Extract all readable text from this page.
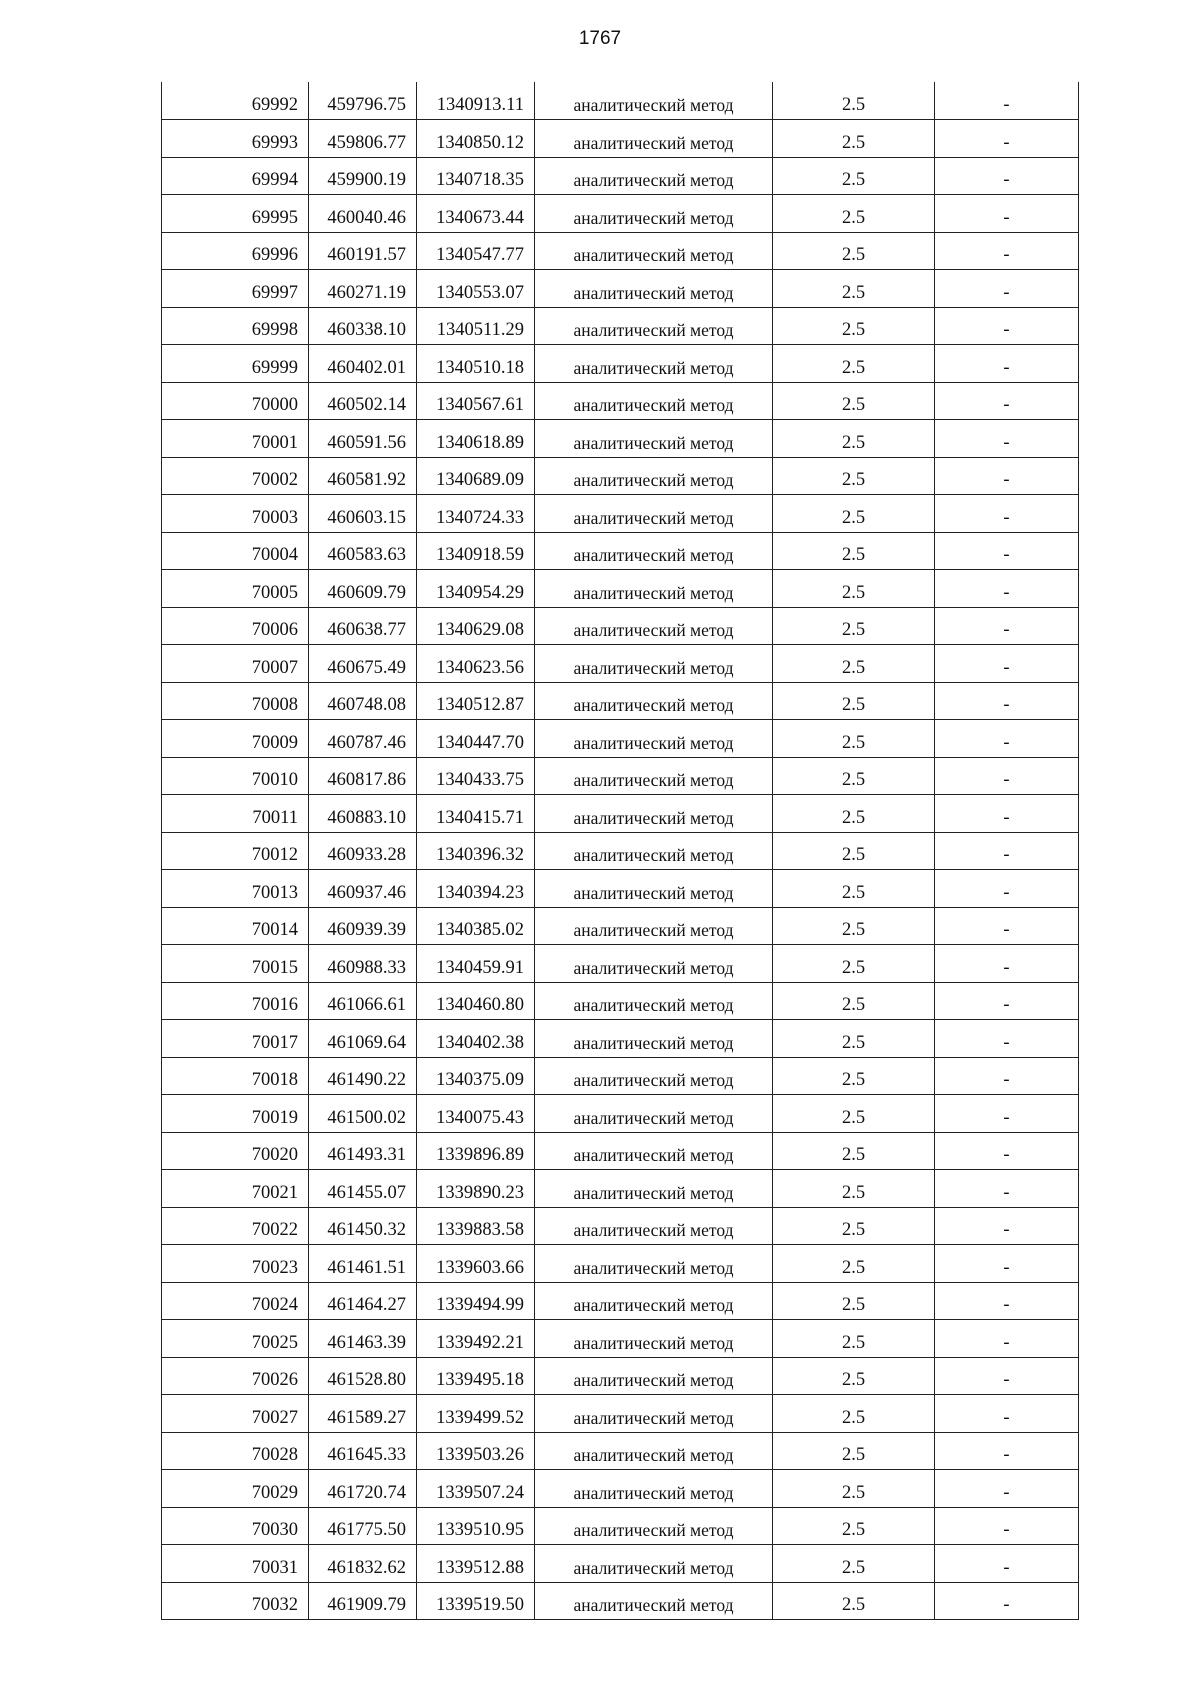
1767
69992	459796.75	1340913.11	аналитический метод	2.5	-
69993	459806.77	1340850.12	аналитический метод	2.5	-
69994	459900.19	1340718.35	аналитический метод	2.5	-
69995	460040.46	1340673.44	аналитический метод	2.5	-
69996	460191.57	1340547.77	аналитический метод	2.5	-
69997	460271.19	1340553.07	аналитический метод	2.5	-
69998	460338.10	1340511.29	аналитический метод	2.5	-
69999	460402.01	1340510.18	аналитический метод	2.5	-
70000	460502.14	1340567.61	аналитический метод	2.5	-
70001	460591.56	1340618.89	аналитический метод	2.5	-
70002	460581.92	1340689.09	аналитический метод	2.5	-
70003	460603.15	1340724.33	аналитический метод	2.5	-
70004	460583.63	1340918.59	аналитический метод	2.5	-
70005	460609.79	1340954.29	аналитический метод	2.5	-
70006	460638.77	1340629.08	аналитический метод	2.5	-
70007	460675.49	1340623.56	аналитический метод	2.5	-
70008	460748.08	1340512.87	аналитический метод	2.5	-
70009	460787.46	1340447.70	аналитический метод	2.5	-
70010	460817.86	1340433.75	аналитический метод	2.5	-
70011	460883.10	1340415.71	аналитический метод	2.5	-
70012	460933.28	1340396.32	аналитический метод	2.5	-
70013	460937.46	1340394.23	аналитический метод	2.5	-
70014	460939.39	1340385.02	аналитический метод	2.5	-
70015	460988.33	1340459.91	аналитический метод	2.5	-
70016	461066.61	1340460.80	аналитический метод	2.5	-
70017	461069.64	1340402.38	аналитический метод	2.5	-
70018	461490.22	1340375.09	аналитический метод	2.5	-
70019	461500.02	1340075.43	аналитический метод	2.5	-
70020	461493.31	1339896.89	аналитический метод	2.5	-
70021	461455.07	1339890.23	аналитический метод	2.5	-
70022	461450.32	1339883.58	аналитический метод	2.5	-
70023	461461.51	1339603.66	аналитический метод	2.5	-
70024	461464.27	1339494.99	аналитический метод	2.5	-
70025	461463.39	1339492.21	аналитический метод	2.5	-
70026	461528.80	1339495.18	аналитический метод	2.5	-
70027	461589.27	1339499.52	аналитический метод	2.5	-
70028	461645.33	1339503.26	аналитический метод	2.5	-
70029	461720.74	1339507.24	аналитический метод	2.5	-
70030	461775.50	1339510.95	аналитический метод	2.5	-
70031	461832.62	1339512.88	аналитический метод	2.5	-
70032	461909.79	1339519.50	аналитический метод	2.5	-
